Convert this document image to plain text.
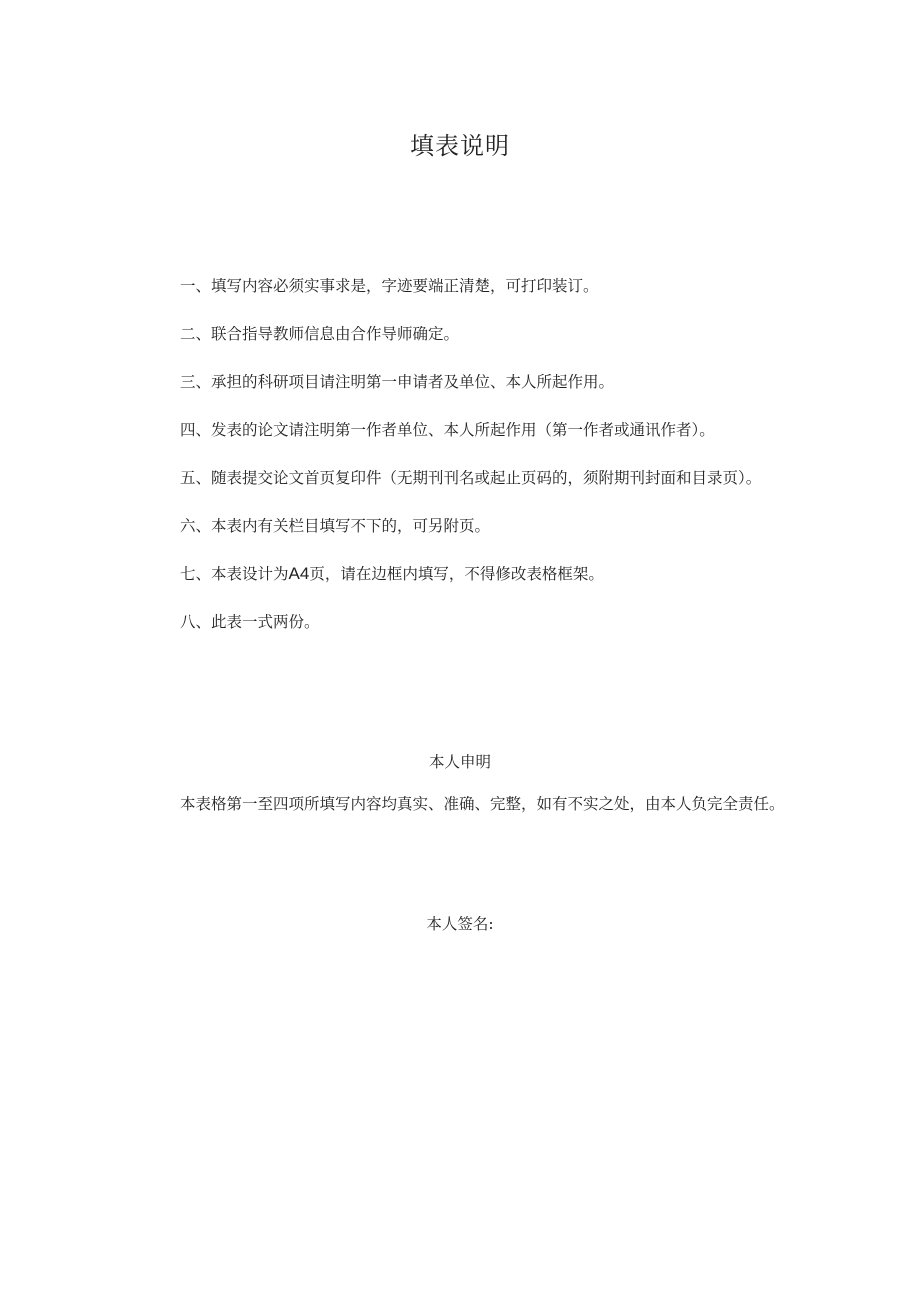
填表说明

一、填写内容必须实事求是，字迹要端正清楚，可打印装订。

二、联合指导教师信息由合作导师确定。

三、承担的科研项目请注明第一申请者及单位、本人所起作用。

四、发表的论文请注明第一作者单位、本人所起作用（第一作者或通讯作者）。

五、随表提交论文首页复印件（无期刊刊名或起止页码的，须附期刊封面和目录页）。

六、本表内有关栏目填写不下的，可另附页。

七、本表设计为A4页，请在边框内填写，不得修改表格框架。

八、此表一式两份。

本人申明

本表格第一至四项所填写内容均真实、准确、完整，如有不实之处，由本人负完全责任。

本人签名:
